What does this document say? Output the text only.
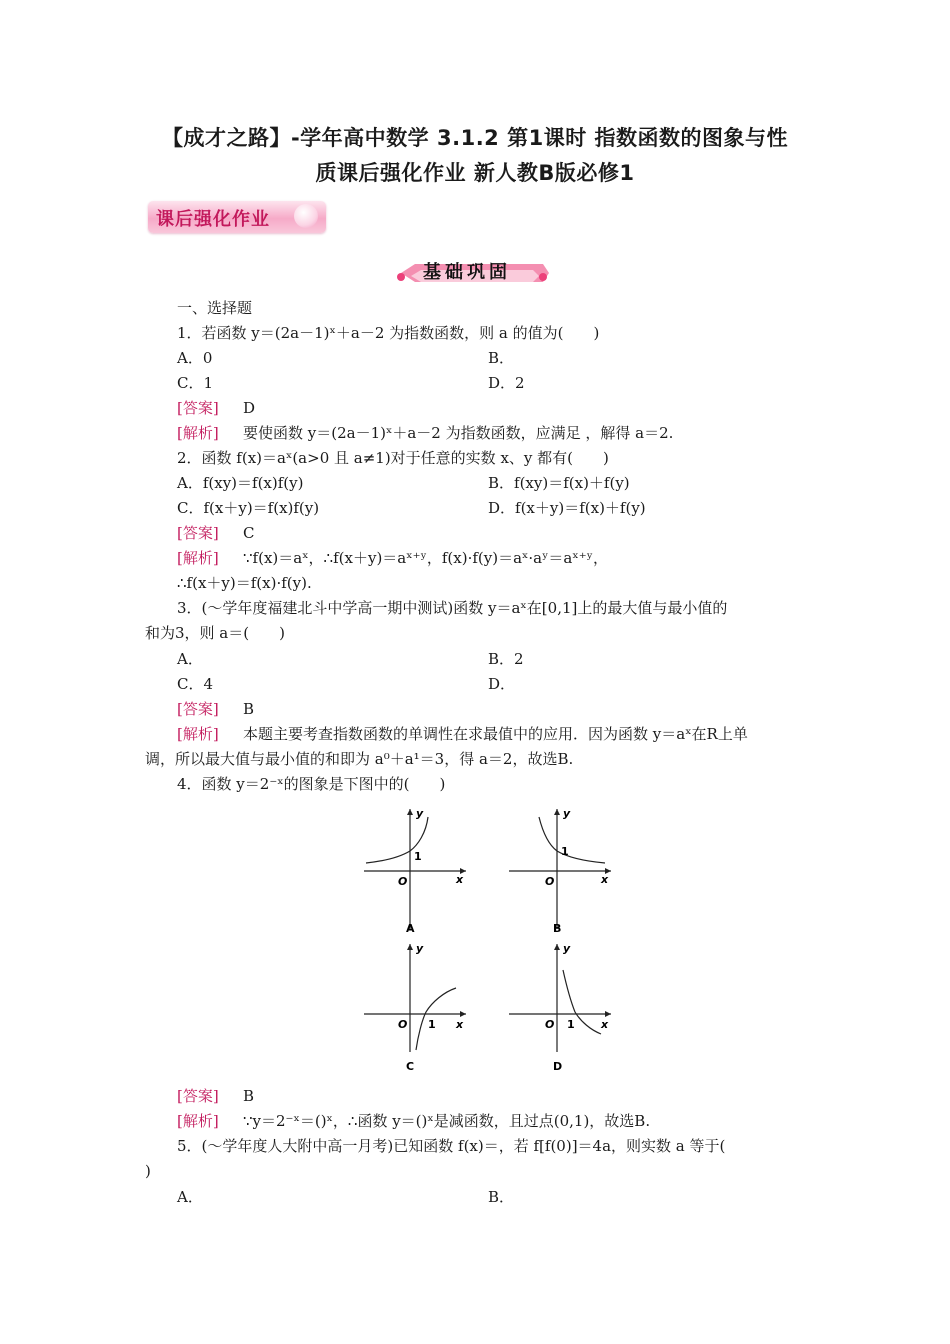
【成才之路】-学年高中数学 3.1.2 第1课时 指数函数的图象与性
质课后强化作业 新人教B版必修1
课后强化作业
基础巩固
一、选择题
1．若函数 y＝(2a－1)ˣ＋a－2 为指数函数，则 a 的值为(　　)
A．0	B．
C．1	D．2
[答案] D
[解析] 要使函数 y＝(2a－1)ˣ＋a－2 为指数函数，应满足 ，解得 a＝2.
2．函数 f(x)＝aˣ(a>0 且 a≠1)对于任意的实数 x、y 都有(　　)
A．f(xy)＝f(x)f(y)	B．f(xy)＝f(x)＋f(y)
C．f(x＋y)＝f(x)f(y)	D．f(x＋y)＝f(x)＋f(y)
[答案] C
[解析] ∵f(x)＝aˣ，∴f(x＋y)＝aˣ⁺ʸ，f(x)·f(y)＝aˣ·aʸ＝aˣ⁺ʸ，
∴f(x＋y)＝f(x)·f(y).
3．(～学年度福建北斗中学高一期中测试)函数 y＝aˣ在[0,1]上的最大值与最小值的
和为3，则 a＝(　　)
A．	B．2
C．4	D．
[答案] B
[解析] 本题主要考查指数函数的单调性在求最值中的应用．因为函数 y＝aˣ在R上单
调，所以最大值与最小值的和即为 a⁰＋a¹＝3，得 a＝2，故选B.
4．函数 y＝2⁻ˣ的图象是下图中的(　　)
y
x
O
1
A
y
x
O
1
B
y
x
O 1
C
y
x
O 1
D
[答案] B
[解析] ∵y＝2⁻ˣ＝()ˣ，∴函数 y＝()ˣ是减函数，且过点(0,1)，故选B.
5．(～学年度人大附中高一月考)已知函数 f(x)＝，若 f[f(0)]＝4a，则实数 a 等于(
)
A．	B．
